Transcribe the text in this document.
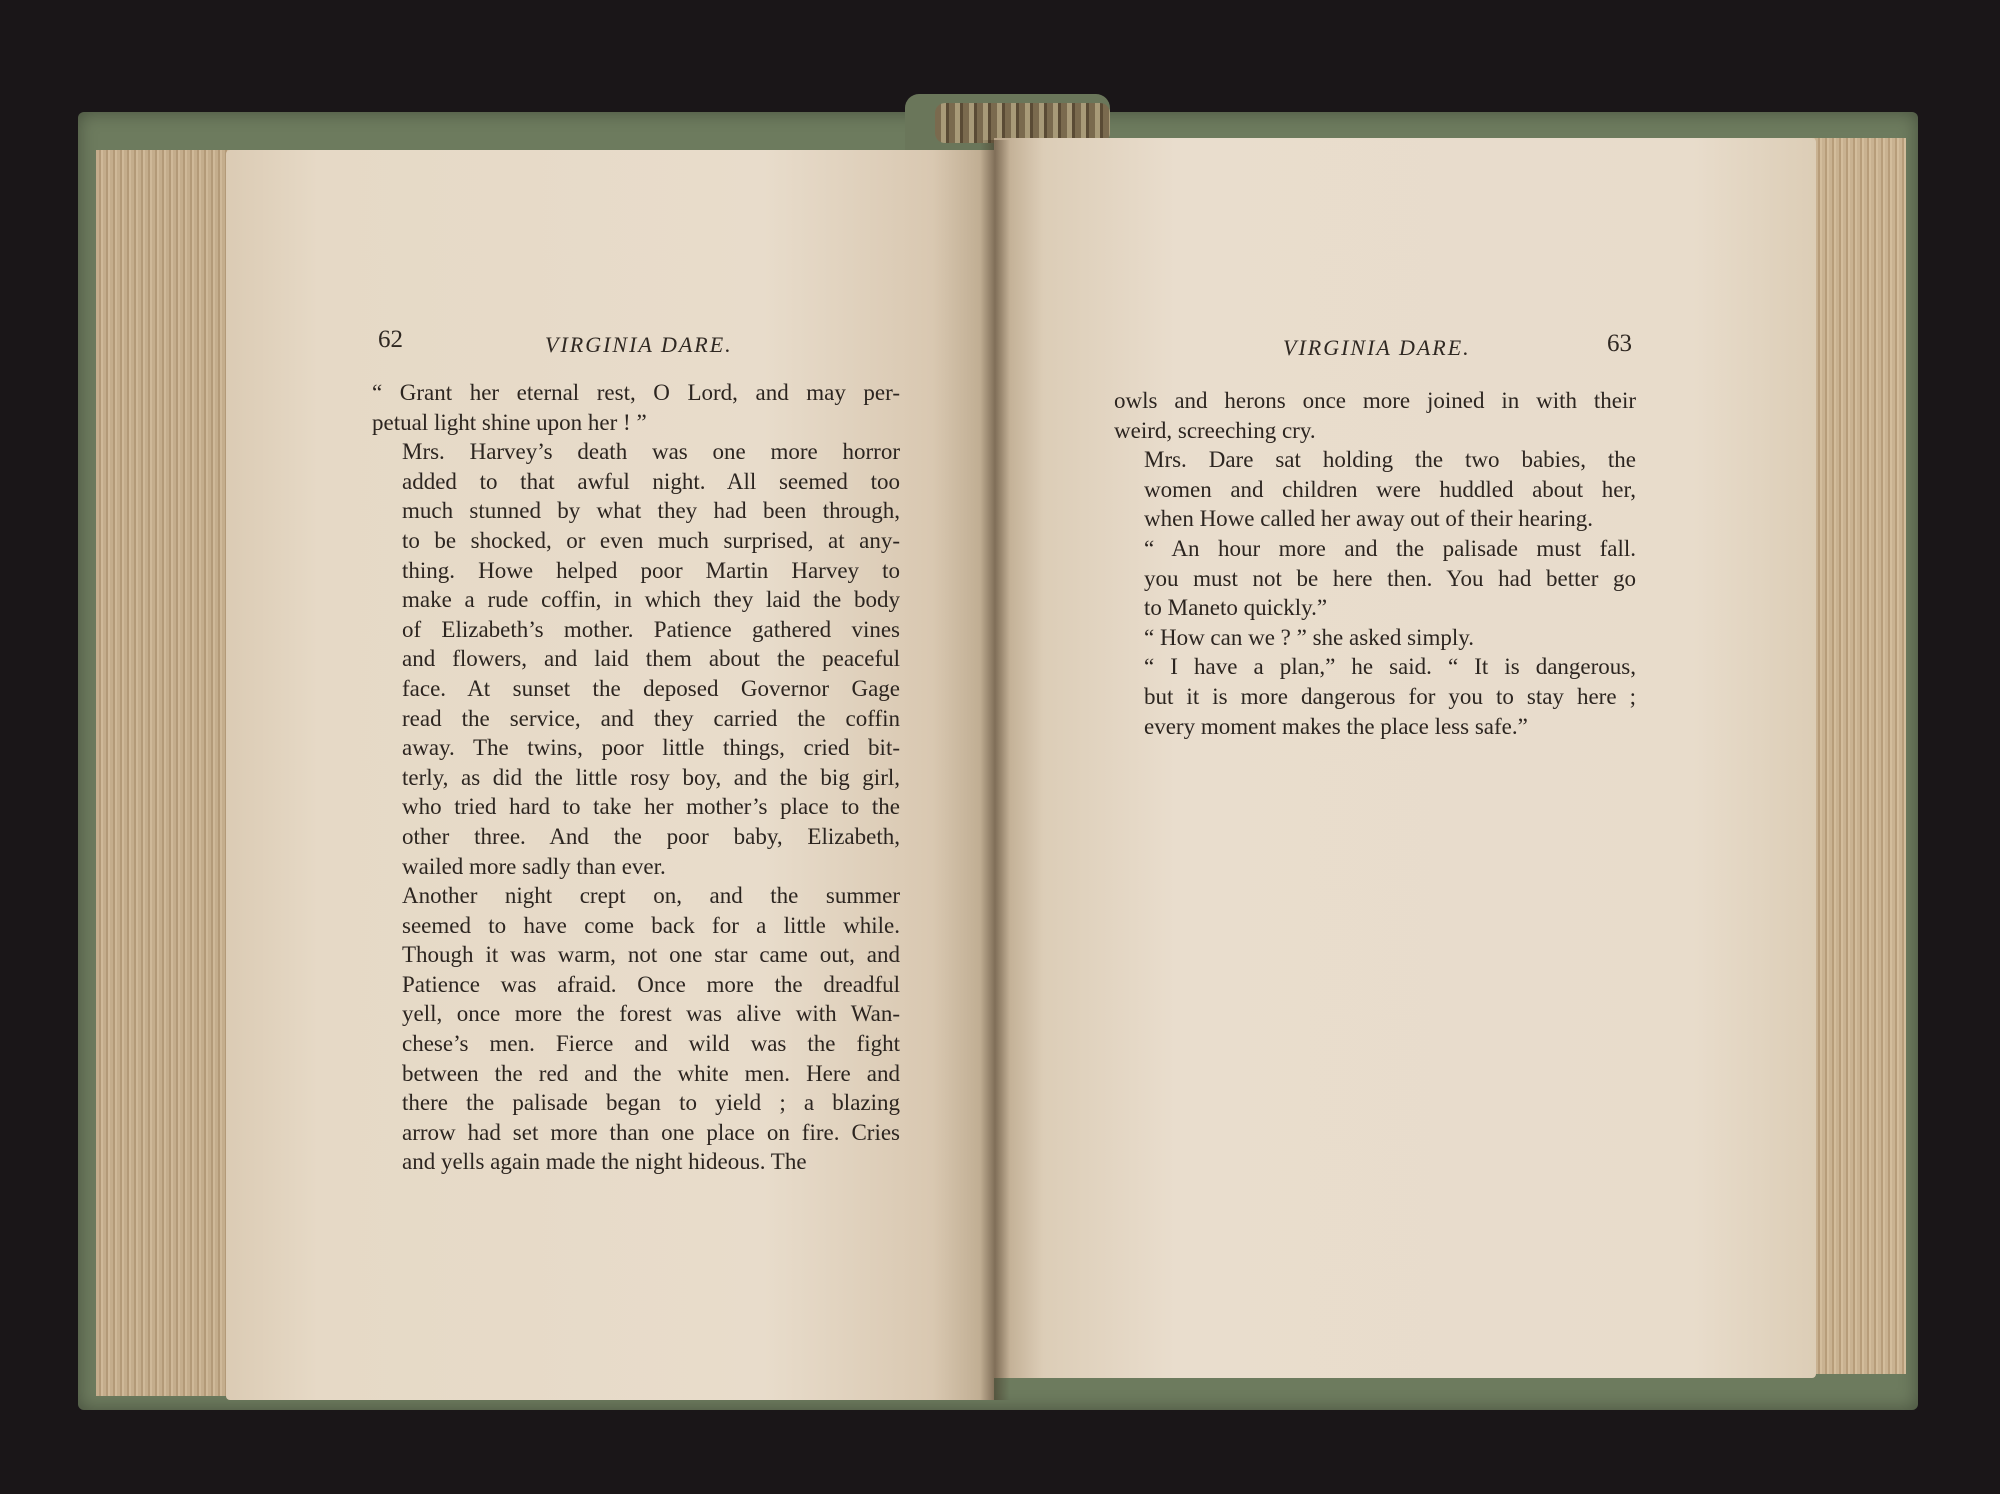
62	VIRGINIA DARE.	VIRGINIA DARE.	63

“ Grant her eternal rest, O Lord, and may per-
petual light shine upon her ! ”

Mrs. Harvey’s death was one more horror
added to that awful night. All seemed too
much stunned by what they had been through,
to be shocked, or even much surprised, at any-
thing. Howe helped poor Martin Harvey to
make a rude coffin, in which they laid the body
of Elizabeth’s mother. Patience gathered vines
and flowers, and laid them about the peaceful
face. At sunset the deposed Governor Gage
read the service, and they carried the coffin
away. The twins, poor little things, cried bit-
terly, as did the little rosy boy, and the big girl,
who tried hard to take her mother’s place to the
other three. And the poor baby, Elizabeth,
wailed more sadly than ever.

Another night crept on, and the summer
seemed to have come back for a little while.
Though it was warm, not one star came out, and
Patience was afraid. Once more the dreadful
yell, once more the forest was alive with Wan-
chese’s men. Fierce and wild was the fight
between the red and the white men. Here and
there the palisade began to yield ; a blazing
arrow had set more than one place on fire. Cries
and yells again made the night hideous. The

owls and herons once more joined in with their
weird, screeching cry.

Mrs. Dare sat holding the two babies, the
women and children were huddled about her,
when Howe called her away out of their hearing.

“ An hour more and the palisade must fall.
you must not be here then. You had better go
to Maneto quickly.”

“ How can we ? ” she asked simply.

“ I have a plan,” he said. “ It is dangerous,
but it is more dangerous for you to stay here ;
every moment makes the place less safe.”
